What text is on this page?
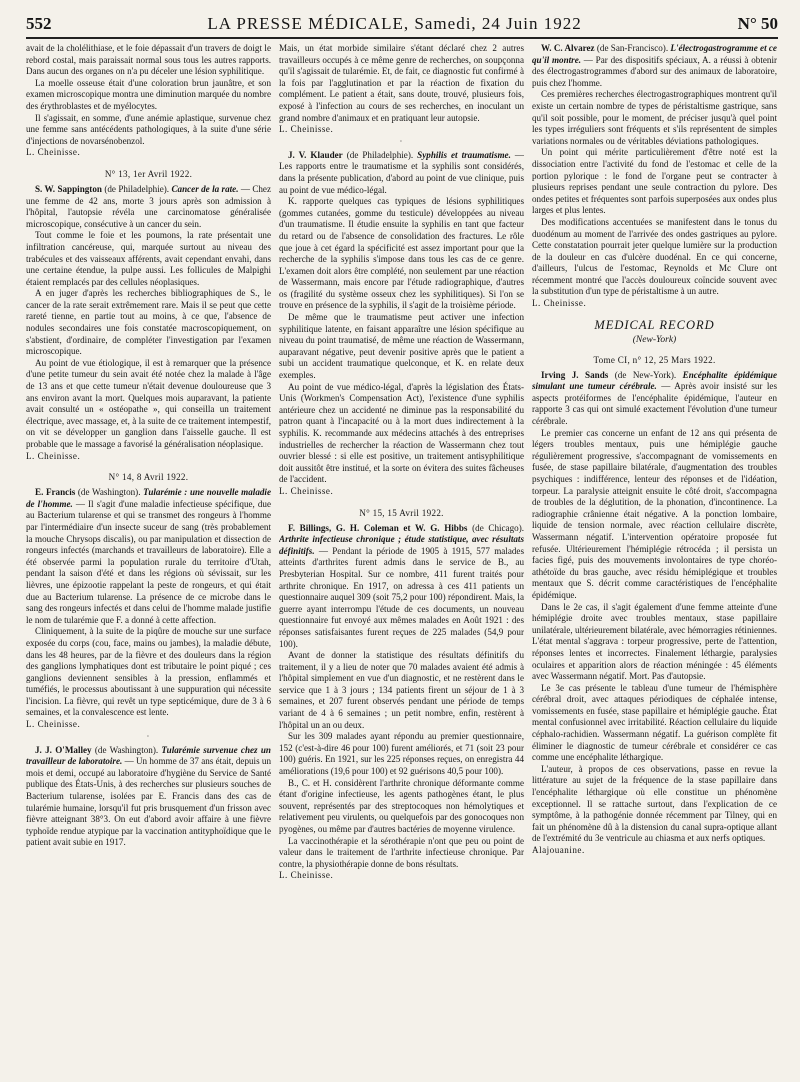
552	LA PRESSE MÉDICALE, Samedi, 24 Juin 1922	N° 50

avait de la cholélithiase, et le foie dépassait d'un travers de doigt le rebord costal, mais paraissait normal sous tous les autres rapports. Dans aucun des organes on n'a pu déceler une lésion syphilitique.

La moelle osseuse était d'une coloration brun jaunâtre, et son examen microscopique montra une diminution marquée du nombre des érythroblastes et de myélocytes.

Il s'agissait, en somme, d'une anémie aplastique, survenue chez une femme sans antécédents pathologiques, à la suite d'une série d'injections de novarsénobenzol.

L. Cheinisse.

N° 13, 1er Avril 1922.

S. W. Sappington (de Philadelphie). Cancer de la rate. — Chez une femme de 42 ans, morte 3 jours après son admission à l'hôpital, l'autopsie révéla une carcinomatose généralisée microscopique, consécutive à un cancer du sein.

Tout comme le foie et les poumons, la rate présentait une infiltration cancéreuse, qui, marquée surtout au niveau des trabécules et des vaisseaux afférents, avait cependant envahi, dans une certaine étendue, la pulpe aussi. Les follicules de Malpighi étaient remplacés par des cellules néoplasiques.

A en juger d'après les recherches bibliographiques de S., le cancer de la rate serait extrêmement rare. Mais il se peut que cette rareté tienne, en partie tout au moins, à ce que, l'absence de nodules secondaires une fois constatée macroscopiquement, on s'abstient, d'ordinaire, de compléter l'investigation par l'examen microscopique.

Au point de vue étiologique, il est à remarquer que la présence d'une petite tumeur du sein avait été notée chez la malade à l'âge de 13 ans et que cette tumeur n'était devenue douloureuse que 3 ans environ avant la mort. Quelques mois auparavant, la patiente avait consulté un « ostéopathe », qui conseilla un traitement électrique, avec massage, et, à la suite de ce traitement intempestif, on vit se développer un ganglion dans l'aisselle gauche. Il est probable que le massage a favorisé la généralisation néoplasique.

L. Cheinisse.

N° 14, 8 Avril 1922.

E. Francis (de Washington). Tularémie : une nouvelle maladie de l'homme. — Il s'agit d'une maladie infectieuse spécifique, due au Bacterium tularense et qui se transmet des rongeurs à l'homme par l'intermédiaire d'un insecte suceur de sang (très probablement la mouche Chrysops discalis), ou par manipulation et dissection de rongeurs infectés (marchands et travailleurs de laboratoire). Elle a été observée parmi la population rurale du territoire d'Utah, pendant la saison d'été et dans les régions où sévissait, sur les lièvres, une épizootie rappelant la peste de rongeurs, et qui était due au Bacterium tularense. La présence de ce microbe dans le sang des rongeurs infectés et dans celui de l'homme malade justifie le nom de tularémie que F. a donné à cette affection.

Cliniquement, à la suite de la piqûre de mouche sur une surface exposée du corps (cou, face, mains ou jambes), la maladie débute, dans les 48 heures, par de la fièvre et des douleurs dans la région des ganglions lymphatiques dont est tributaire le point piqué ; ces ganglions deviennent sensibles à la pression, enflammés et tuméfiés, le processus aboutissant à une suppuration qui nécessite l'incision. La fièvre, qui revêt un type septicémique, dure de 3 à 6 semaines, et la convalescence est lente.

L. Cheinisse.

·

J. J. O'Malley (de Washington). Tularémie survenue chez un travailleur de laboratoire. — Un homme de 37 ans était, depuis un mois et demi, occupé au laboratoire d'hygiène du Service de Santé publique des États-Unis, à des recherches sur plusieurs souches de Bacterium tularense, isolées par E. Francis dans des cas de tularémie humaine, lorsqu'il fut pris brusquement d'un frisson avec fièvre atteignant 38°3. On eut d'abord avoir affaire à une fièvre typhoïde rendue atypique par la vaccination antityphoïdique que le patient avait subie en 1917.

Mais, un état morbide similaire s'étant déclaré chez 2 autres travailleurs occupés à ce même genre de recherches, on soupçonna qu'il s'agissait de tularémie. Et, de fait, ce diagnostic fut confirmé à la fois par l'agglutination et par la réaction de fixation du complément. Le patient a était, sans doute, trouvé, plusieurs fois, exposé à l'infection au cours de ses recherches, en inoculant un grand nombre d'animaux et en pratiquant leur autopsie.

L. Cheinisse.

·

J. V. Klauder (de Philadelphie). Syphilis et traumatisme. — Les rapports entre le traumatisme et la syphilis sont considérés, dans la présente publication, d'abord au point de vue clinique, puis au point de vue médico-légal.

K. rapporte quelques cas typiques de lésions syphilitiques (gommes cutanées, gomme du testicule) développées au niveau d'un traumatisme. Il étudie ensuite la syphilis en tant que facteur du retard ou de l'absence de consolidation des fractures. Le rôle que joue à cet égard la spécificité est assez important pour que la recherche de la syphilis s'impose dans tous les cas de ce genre. L'examen doit alors être complété, non seulement par une réaction de Wassermann, mais encore par l'étude radiographique, d'autres os (fragilité du système osseux chez les syphilitiques). Si l'on se trouve en présence de la syphilis, il s'agit de la troisième période.

De même que le traumatisme peut activer une infection syphilitique latente, en faisant apparaître une lésion spécifique au niveau du point traumatisé, de même une réaction de Wassermann, auparavant négative, peut devenir positive après que le patient a subi un accident traumatique quelconque, et K. en relate deux exemples.

Au point de vue médico-légal, d'après la législation des États-Unis (Workmen's Compensation Act), l'existence d'une syphilis antérieure chez un accidenté ne diminue pas la responsabilité du patron quant à l'incapacité ou à la mort dues indirectement à la syphilis. K. recommande aux médecins attachés à des entreprises industrielles de rechercher la réaction de Wassermann chez tout ouvrier blessé : si elle est positive, un traitement antisyphilitique doit aussitôt être institué, et la sorte on évitera des suites fâcheuses de l'accident.

L. Cheinisse.

N° 15, 15 Avril 1922.

F. Billings, G. H. Coleman et W. G. Hibbs (de Chicago). Arthrite infectieuse chronique ; étude statistique, avec résultats définitifs. — Pendant la période de 1905 à 1915, 577 malades atteints d'arthrites furent admis dans le service de B., au Presbyterian Hospital. Sur ce nombre, 411 furent traités pour arthrite chronique. En 1917, on adressa à ces 411 patients un questionnaire auquel 309 (soit 75,2 pour 100) répondirent. Mais, la guerre ayant interrompu l'étude de ces documents, un nouveau questionnaire fut envoyé aux mêmes malades en Août 1921 : des réponses satisfaisantes furent reçues de 225 malades (54,9 pour 100).

Avant de donner la statistique des résultats définitifs du traitement, il y a lieu de noter que 70 malades avaient été admis à l'hôpital simplement en vue d'un diagnostic, et ne restèrent dans le service que 1 à 3 jours ; 134 patients firent un séjour de 1 à 3 semaines, et 207 furent observés pendant une période de temps variant de 4 à 6 semaines ; un petit nombre, enfin, restèrent à l'hôpital un an ou deux.

Sur les 309 malades ayant répondu au premier questionnaire, 152 (c'est-à-dire 46 pour 100) furent améliorés, et 71 (soit 23 pour 100) guéris. En 1921, sur les 225 réponses reçues, on enregistra 44 améliorations (19,6 pour 100) et 92 guérisons 40,5 pour 100).

B., C. et H. considèrent l'arthrite chronique déformante comme étant d'origine infectieuse, les agents pathogènes étant, le plus souvent, représentés par des streptocoques non hémolytiques et relativement peu virulents, ou quelquefois par des gonocoques non pyogènes, ou même par d'autres bactéries de moyenne virulence.

La vaccinothérapie et la sérothérapie n'ont que peu ou point de valeur dans le traitement de l'arthrite infectieuse chronique. Par contre, la physiothérapie donne de bons résultats.

L. Cheinisse.

W. C. Alvarez (de San-Francisco). L'électrogastrogramme et ce qu'il montre. — Par des dispositifs spéciaux, A. a réussi à obtenir des électrogastrogrammes d'abord sur des animaux de laboratoire, puis chez l'homme.

Ces premières recherches électrogastrographiques montrent qu'il existe un certain nombre de types de péristaltisme gastrique, sans qu'il soit possible, pour le moment, de préciser jusqu'à quel point les types irréguliers sont fréquents et s'ils représentent de simples variations normales ou de véritables déviations pathologiques.

Un point qui mérite particulièrement d'être noté est la dissociation entre l'activité du fond de l'estomac et celle de la portion pylorique : le fond de l'organe peut se contracter à plusieurs reprises pendant une seule contraction du pylore. Des ondes petites et fréquentes sont parfois superposées aux ondes plus larges et plus lentes.

Des modifications accentuées se manifestent dans le tonus du duodénum au moment de l'arrivée des ondes gastriques au pylore. Cette constatation pourrait jeter quelque lumière sur la production de la douleur en cas d'ulcère duodénal. En ce qui concerne, d'ailleurs, l'ulcus de l'estomac, Reynolds et Mc Clure ont récemment montré que l'accès douloureux coïncide souvent avec la substitution d'un type de péristaltisme à un autre.

L. Cheinisse.

MEDICAL RECORD
(New-York)
Tome CI, n° 12, 25 Mars 1922.

Irving J. Sands (de New-York). Encéphalite épidémique simulant une tumeur cérébrale. — Après avoir insisté sur les aspects protéiformes de l'encéphalite épidémique, l'auteur en rapporte 3 cas qui ont simulé exactement l'évolution d'une tumeur cérébrale.

Le premier cas concerne un enfant de 12 ans qui présenta de légers troubles mentaux, puis une hémiplégie gauche régulièrement progressive, s'accompagnant de vomissements en fusée, de stase papillaire bilatérale, d'augmentation des troubles psychiques : indifférence, lenteur des réponses et de l'idéation, torpeur. La paralysie atteignit ensuite le côté droit, s'accompagna de troubles de la déglutition, de la phonation, d'incontinence. La radiographie crânienne était négative. A la ponction lombaire, liquide de tension normale, avec réaction cellulaire discrète, Wassermann négatif. L'intervention opératoire proposée fut refusée. Ultérieurement l'hémiplégie rétrocéda ; il persista un facies figé, puis des mouvements involontaires de type choréo-athétoïde du bras gauche, avec résidu hémiplégique et troubles mentaux que S. décrit comme caractéristiques de l'encéphalite épidémique.

Dans le 2e cas, il s'agit également d'une femme atteinte d'une hémiplégie droite avec troubles mentaux, stase papillaire unilatérale, ultérieurement bilatérale, avec hémorragies rétiniennes. L'état mental s'aggrava : torpeur progressive, perte de l'attention, réponses lentes et incorrectes. Finalement léthargie, paralysies oculaires et apparition alors de réaction méningée : 45 éléments avec Wassermann négatif. Mort. Pas d'autopsie.

Le 3e cas présente le tableau d'une tumeur de l'hémisphère cérébral droit, avec attaques périodiques de céphalée intense, vomissements en fusée, stase papillaire et hémiplégie gauche. État mental confusionnel avec irritabilité. Réaction cellulaire du liquide céphalo-rachidien. Wassermann négatif. La guérison complète fit éliminer le diagnostic de tumeur cérébrale et considérer ce cas comme une encéphalite léthargique.

L'auteur, à propos de ces observations, passe en revue la littérature au sujet de la fréquence de la stase papillaire dans l'encéphalite léthargique où elle constitue un phénomène exceptionnel. Il se rattache surtout, dans l'explication de ce symptôme, à la pathogénie donnée récemment par Tilney, qui en fait un phénomène dû à la distension du canal supra-optique allant de l'extrémité du 3e ventricule au chiasma et aux nerfs optiques.

Alajouanine.
